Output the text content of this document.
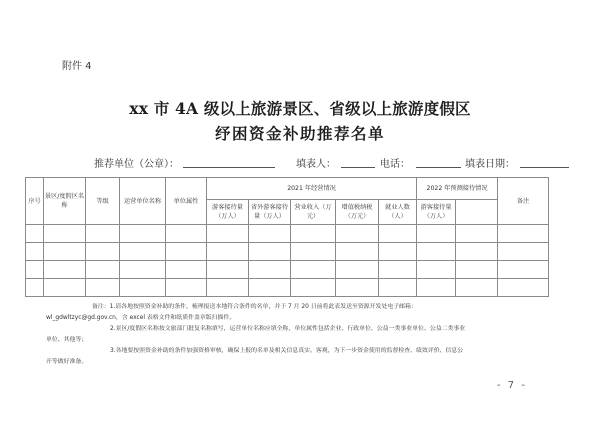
附件 4
xx 市 4A 级以上旅游景区、省级以上旅游度假区
纾困资金补助推荐名单
推荐单位（公章）：	填表人：	电话：	填表日期：
序号	景区/度假区名称	等级	运营单位名称	单位属性	2021 年经营情况					2022 年预测接待情况		备注
					游客接待量（万人）	省外游客接待量（万人）	营业收入（万元）	增值税纳税（万元）	就业人数（人）	游客接待量（万人）		

备注：1.请各地按照资金补助的条件，梳理报送本地符合条件的名单，并于 7 月 20 日前将此表发送至资源开发处电子邮箱：
wl_gdwltzyc@gd.gov.cn，含 excel 表格文件和纸质件盖章版扫描件。
2.景区/度假区名称按文旅部门批复名称填写，运营单位名称应填全称，单位属性包括企业、行政单位、公益一类事业单位、公益二类事业
单位、其他等；
3.各地要按照资金补助的条件加强资格审核，确保上报的名单及相关信息真实、客观，为下一步资金使用的监督检查、绩效评价、信息公
开等做好准备。
- 7 -
